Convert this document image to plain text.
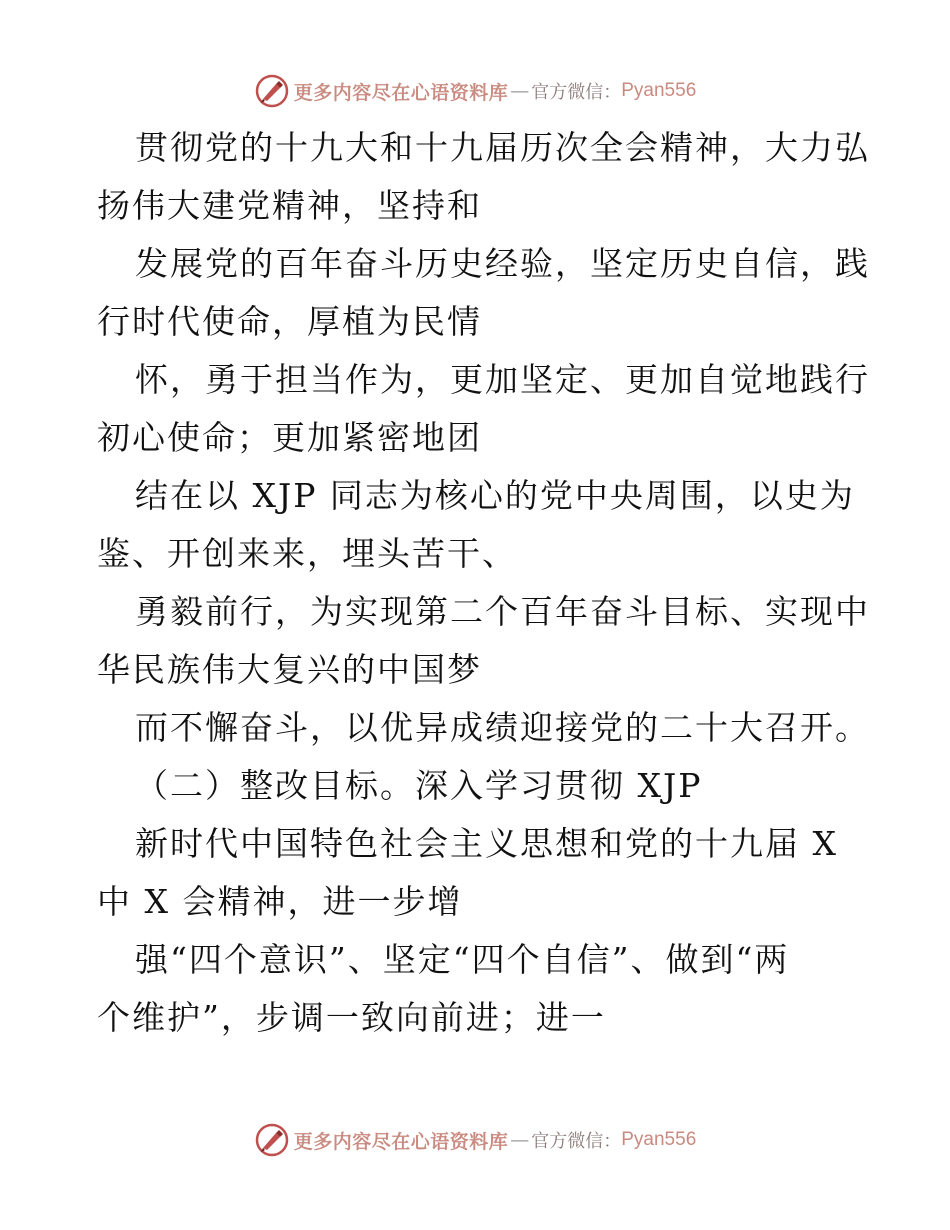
更多内容尽在心语资料库 — 官方微信： Pyan556
贯彻党的十九大和十九届历次全会精神，大力弘
扬伟大建党精神，坚持和
发展党的百年奋斗历史经验，坚定历史自信，践
行时代使命，厚植为民情
怀，勇于担当作为，更加坚定、更加自觉地践行
初心使命；更加紧密地团
结在以 XJP 同志为核心的党中央周围，以史为
鉴、开创来来，埋头苦干、
勇毅前行，为实现第二个百年奋斗目标、实现中
华民族伟大复兴的中国梦
而不懈奋斗，以优异成绩迎接党的二十大召开。
（二）整改目标。深入学习贯彻 XJP
新时代中国特色社会主义思想和党的十九届 X
中 X 会精神，进一步增
强“四个意识”、坚定“四个自信”、做到“两
个维护”，步调一致向前进；进一
更多内容尽在心语资料库 — 官方微信： Pyan556
